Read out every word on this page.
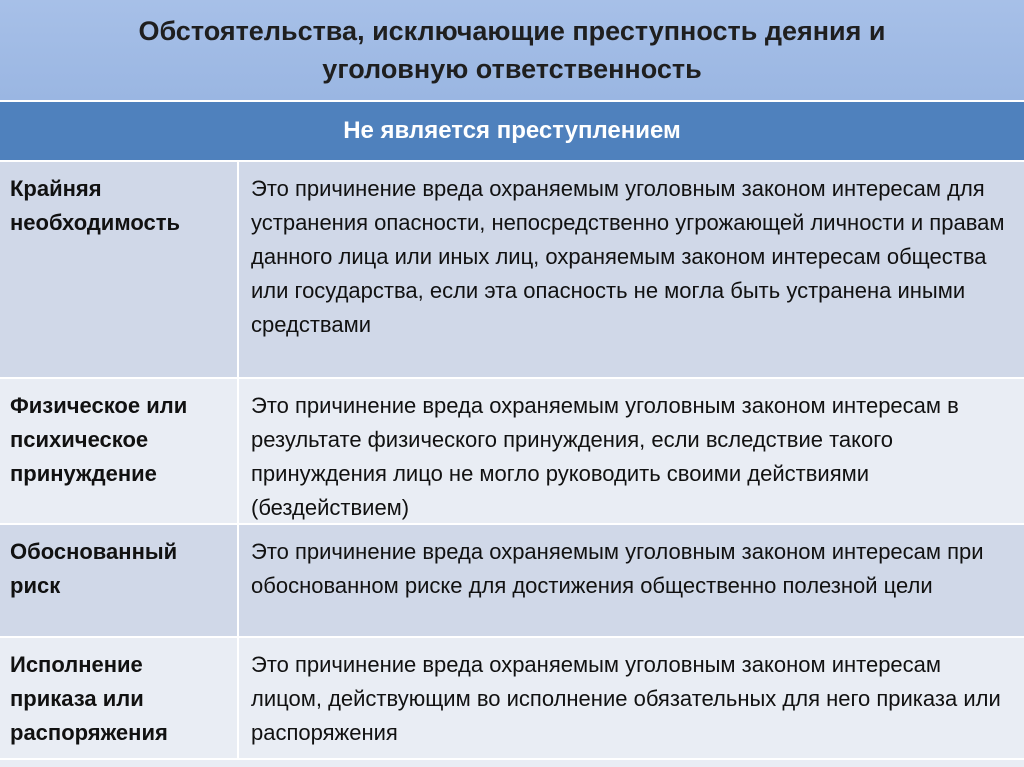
Обстоятельства, исключающие преступность деяния и уголовную ответственность
Не является преступлением
Крайняя необходимость
Это причинение вреда охраняемым уголовным законом интересам для устранения опасности, непосредственно угрожающей личности и правам данного лица или иных лиц, охраняемым законом интересам общества или государства, если эта опасность не могла быть устранена иными средствами
Физическое или психическое принуждение
Это причинение вреда охраняемым уголовным законом интересам в результате физического принуждения, если вследствие такого принуждения лицо не могло руководить своими действиями (бездействием)
Обоснованный риск
Это причинение вреда охраняемым уголовным законом интересам при обоснованном риске для достижения общественно полезной цели
Исполнение приказа или распоряжения
Это причинение вреда охраняемым уголовным законом интересам лицом, действующим во исполнение обязательных для него приказа или распоряжения
